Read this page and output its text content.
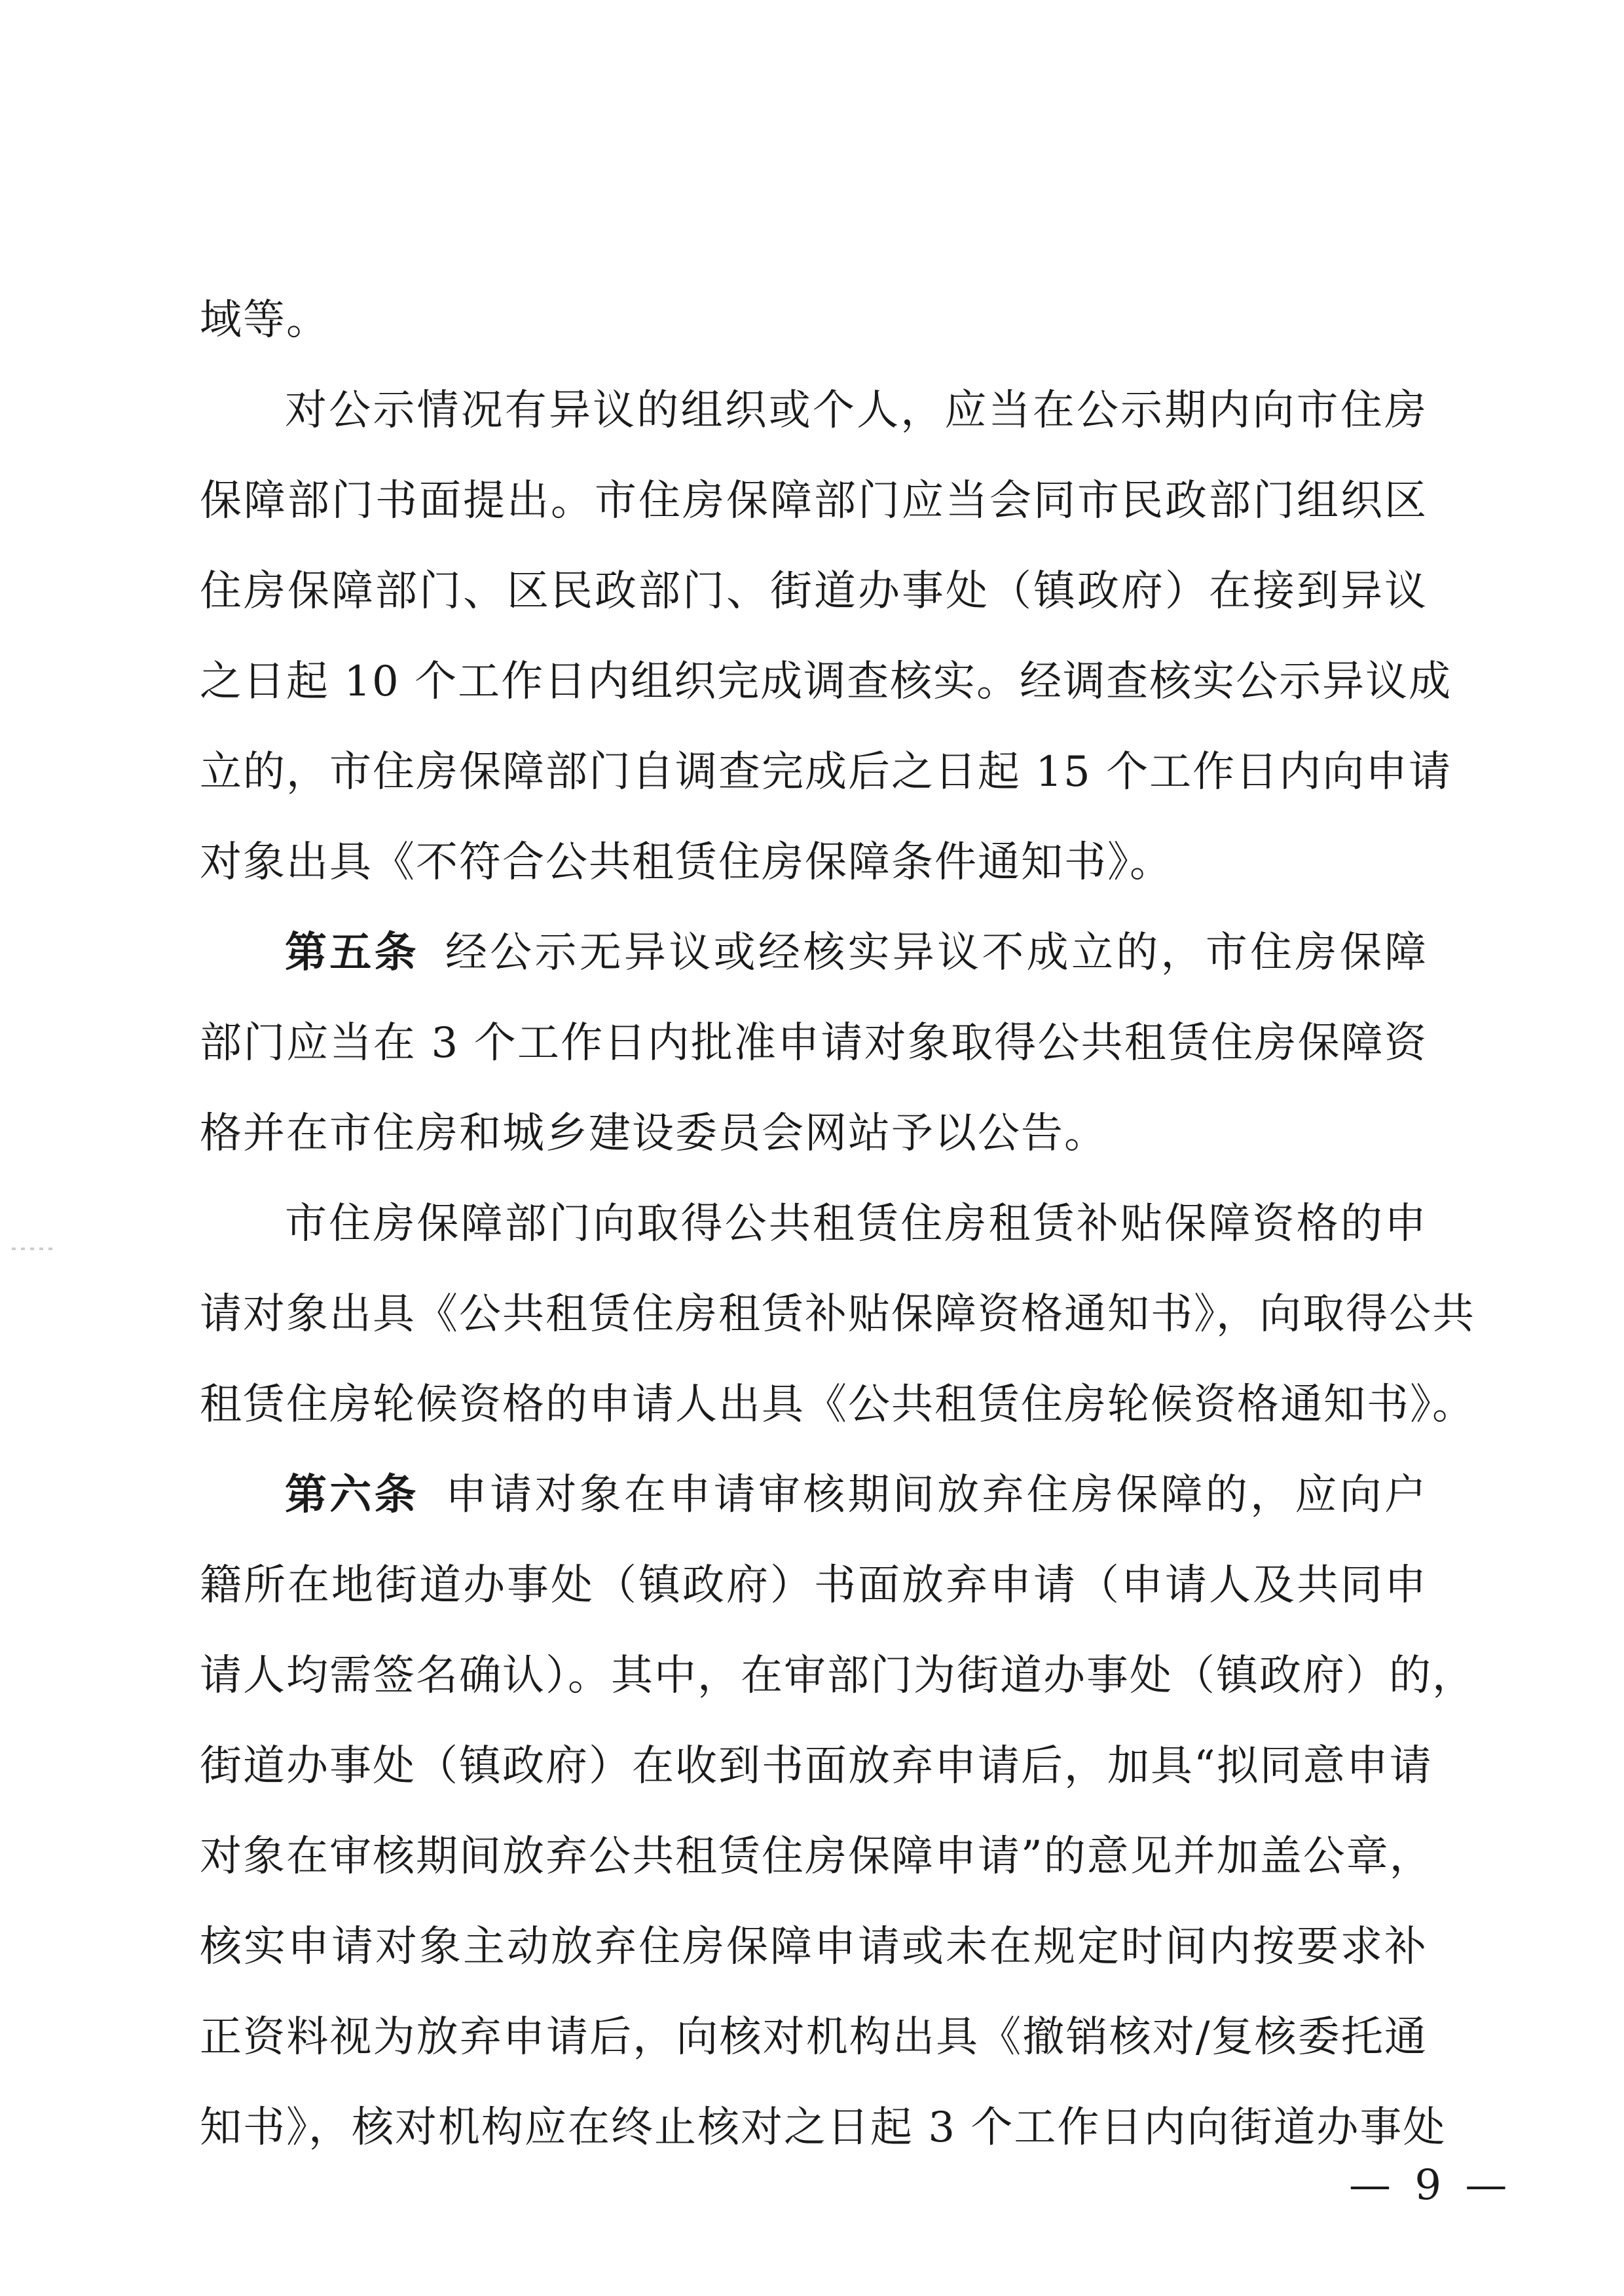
域等。
对公示情况有异议的组织或个人，应当在公示期内向市住房
保障部门书面提出。市住房保障部门应当会同市民政部门组织区
住房保障部门、区民政部门、街道办事处（镇政府）在接到异议
之日起 10 个工作日内组织完成调查核实。经调查核实公示异议成
立的，市住房保障部门自调查完成后之日起 15 个工作日内向申请
对象出具《不符合公共租赁住房保障条件通知书》。
第五条 经公示无异议或经核实异议不成立的，市住房保障
部门应当在 3 个工作日内批准申请对象取得公共租赁住房保障资
格并在市住房和城乡建设委员会网站予以公告。
市住房保障部门向取得公共租赁住房租赁补贴保障资格的申
请对象出具《公共租赁住房租赁补贴保障资格通知书》，向取得公共
租赁住房轮候资格的申请人出具《公共租赁住房轮候资格通知书》。
第六条 申请对象在申请审核期间放弃住房保障的，应向户
籍所在地街道办事处（镇政府）书面放弃申请（申请人及共同申
请人均需签名确认）。其中，在审部门为街道办事处（镇政府）的，
街道办事处（镇政府）在收到书面放弃申请后，加具“拟同意申请
对象在审核期间放弃公共租赁住房保障申请”的意见并加盖公章，
核实申请对象主动放弃住房保障申请或未在规定时间内按要求补
正资料视为放弃申请后，向核对机构出具《撤销核对/复核委托通
知书》，核对机构应在终止核对之日起 3 个工作日内向街道办事处
— 9 —
